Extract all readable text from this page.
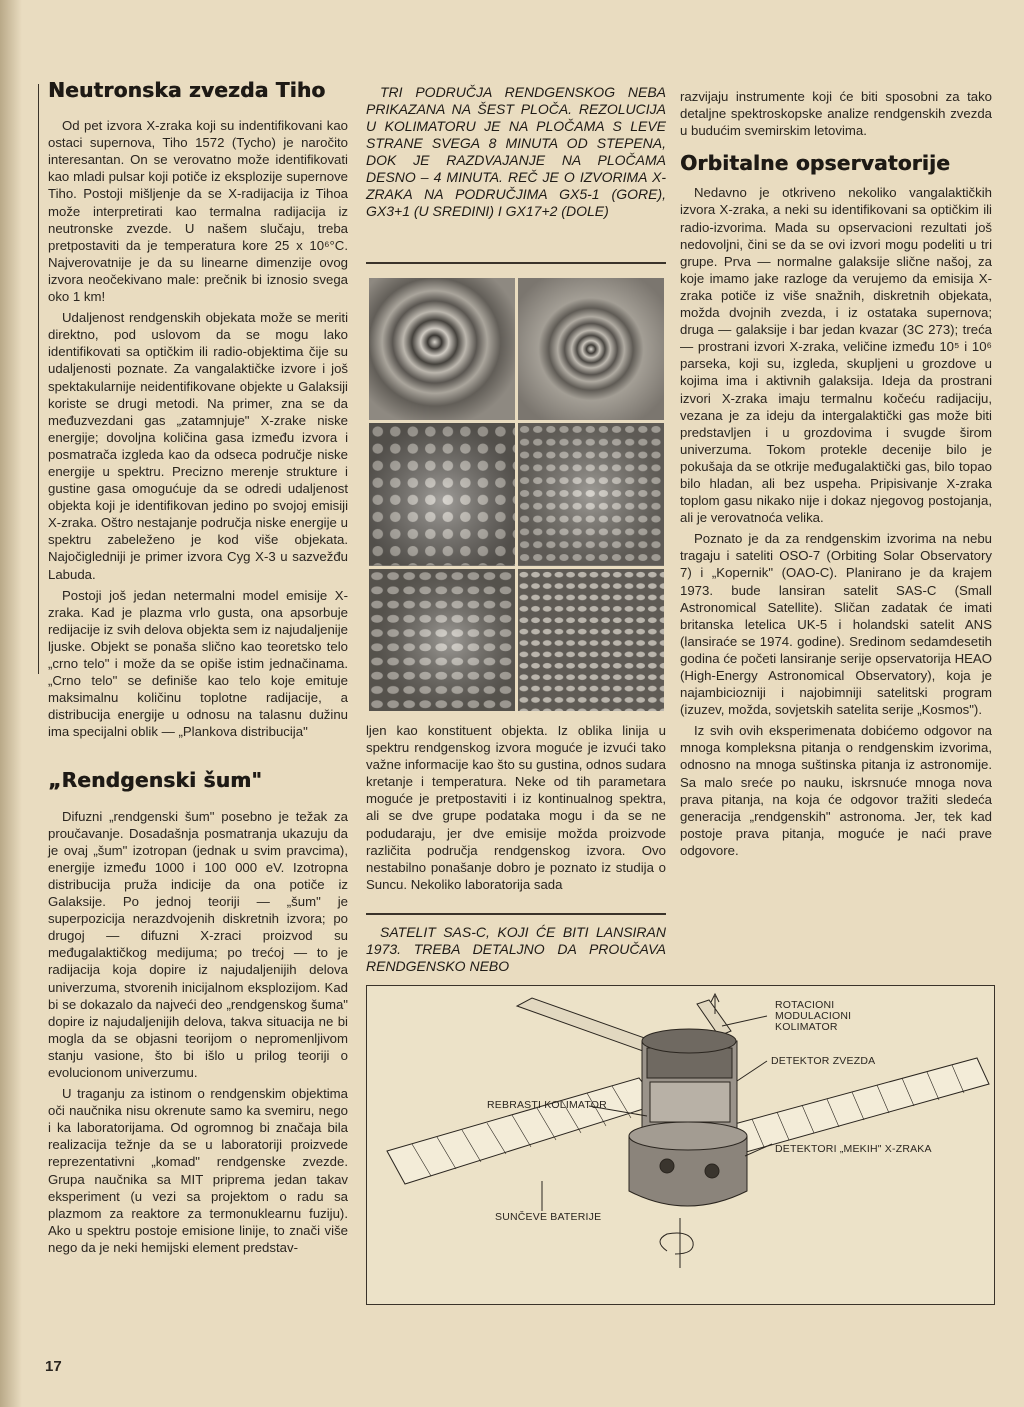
Neutronska zvezda Tiho

Od pet izvora X-zraka koji su indentifikovani kao ostaci supernova, Tiho 1572 (Tycho) je naročito interesantan. On se verovatno može identifikovati kao mladi pulsar koji potiče iz eksplozije supernove Tiho. Postoji mišljenje da se X-radijacija iz Tihoa može interpretirati kao termalna radijacija iz neutronske zvezde. U našem slučaju, treba pretpostaviti da je temperatura kore 25 x 10⁶°C. Najverovatnije je da su linearne dimenzije ovog izvora neočekivano male: prečnik bi iznosio svega oko 1 km!

Udaljenost rendgenskih objekata može se meriti direktno, pod uslovom da se mogu lako identifikovati sa optičkim ili radio-objektima čije su udaljenosti poznate. Za vangalaktičke izvore i još spektakularnije neidentifikovane objekte u Galaksiji koriste se drugi metodi. Na primer, zna se da međuzvezdani gas „zatamnjuje" X-zrake niske energije; dovoljna količina gasa između izvora i posmatrača izgleda kao da odseca područje niske energije u spektru. Precizno merenje strukture i gustine gasa omogućuje da se odredi udaljenost objekta koji je identifikovan jedino po svojoj emisiji X-zraka. Oštro nestajanje područja niske energije u spektru zabeleženo je kod više objekata. Najočigledniji je primer izvora Cyg X-3 u sazvežđu Labuda.

Postoji još jedan netermalni model emisije X-zraka. Kad je plazma vrlo gusta, ona apsorbuje redijacije iz svih delova objekta sem iz najudaljenije ljuske. Objekt se ponaša slično kao teoretsko telo „crno telo" i može da se opiše istim jednačinama. „Crno telo" se definiše kao telo koje emituje maksimalnu količinu toplotne radijacije, a distribucija energije u odnosu na talasnu dužinu ima specijalni oblik — „Plankova distribucija"

„Rendgenski šum"

Difuzni „rendgenski šum" posebno je težak za proučavanje. Dosadašnja posmatranja ukazuju da je ovaj „šum" izotropan (jednak u svim pravcima), energije između 1000 i 100 000 eV. Izotropna distribucija pruža indicije da ona potiče iz Galaksije. Po jednoj teoriji — „šum" je superpozicija nerazdvojenih diskretnih izvora; po drugoj — difuzni X-zraci proizvod su međugalaktičkog medijuma; po trećoj — to je radijacija koja dopire iz najudaljenijih delova univerzuma, stvorenih inicijalnom eksplozijom. Kad bi se dokazalo da najveći deo „rendgenskog šuma" dopire iz najudaljenijih delova, takva situacija ne bi mogla da se objasni teorijom o nepromenljivom stanju vasione, što bi išlo u prilog teoriji o evolucionom univerzumu.

U traganju za istinom o rendgenskim objektima oči naučnika nisu okrenute samo ka svemiru, nego i ka laboratorijama. Od ogromnog bi značaja bila realizacija težnje da se u laboratoriji proizvede reprezentativni „komad" rendgenske zvezde. Grupa naučnika sa MIT priprema jedan takav eksperiment (u vezi sa projektom o radu sa plazmom za reaktore za termonuklearnu fuziju). Ako u spektru postoje emisione linije, to znači više nego da je neki hemijski element predstav-

TRI PODRUČJA RENDGENSKOG NEBA PRIKAZANA NA ŠEST PLOČA. REZOLUCIJA U KOLIMATORU JE NA PLOČAMA S LEVE STRANE SVEGA 8 MINUTA OD STEPENA, DOK JE RAZDVAJANJE NA PLOČAMA DESNO – 4 MINUTA. REČ JE O IZVORIMA X-ZRAKA NA PODRUČJIMA GX5-1 (GORE), GX3+1 (U SREDINI) I GX17+2 (DOLE)

ljen kao konstituent objekta. Iz oblika linija u spektru rendgenskog izvora moguće je izvući tako važne informacije kao što su gustina, odnos sudara kretanje i temperatura. Neke od tih parametara moguće je pretpostaviti i iz kontinualnog spektra, ali se dve grupe podataka mogu i da se ne podudaraju, jer dve emisije možda proizvode različita područja rendgenskog izvora. Ovo nestabilno ponašanje dobro je poznato iz studija o Suncu. Nekoliko laboratorija sada

SATELIT SAS-C, KOJI ĆE BITI LANSIRAN 1973. TREBA DETALJNO DA PROUČAVA RENDGENSKO NEBO

razvijaju instrumente koji će biti sposobni za tako detaljne spektroskopske analize rendgenskih zvezda u budućim svemirskim letovima.

Orbitalne opservatorije

Nedavno je otkriveno nekoliko vangalaktičkih izvora X-zraka, a neki su identifikovani sa optičkim ili radio-izvorima. Mada su opservacioni rezultati još nedovoljni, čini se da se ovi izvori mogu podeliti u tri grupe. Prva — normalne galaksije slične našoj, za koje imamo jake razloge da verujemo da emisija X-zraka potiče iz više snažnih, diskretnih objekata, možda dvojnih zvezda, i iz ostataka supernova; druga — galaksije i bar jedan kvazar (3C 273); treća — prostrani izvori X-zraka, veličine između 10⁵ i 10⁶ parseka, koji su, izgleda, skupljeni u grozdove u kojima ima i aktivnih galaksija. Ideja da prostrani izvori X-zraka imaju termalnu kočeću radijaciju, vezana je za ideju da intergalaktički gas može biti predstavljen i u grozdovima i svugde širom univerzuma. Tokom protekle decenije bilo je pokušaja da se otkrije međugalaktički gas, bilo topao bilo hladan, ali bez uspeha. Pripisivanje X-zraka toplom gasu nikako nije i dokaz njegovog postojanja, ali je verovatnoća velika.

Poznato je da za rendgenskim izvorima na nebu tragaju i sateliti OSO-7 (Orbiting Solar Observatory 7) i „Kopernik" (OAO-C). Planirano je da krajem 1973. bude lansiran satelit SAS-C (Small Astronomical Satellite). Sličan zadatak će imati britanska letelica UK-5 i holandski satelit ANS (lansiraće se 1974. godine). Sredinom sedamdesetih godina će početi lansiranje serije opservatorija HEAO (High-Energy Astronomical Observatory), koja je najambiciozniji i najobimniji satelitski program (izuzev, možda, sovjetskih satelita serije „Kosmos").

Iz svih ovih eksperimenata dobićemo odgovor na mnoga kompleksna pitanja o rendgenskim izvorima, odnosno na mnoga suštinska pitanja iz astronomije. Sa malo sreće po nauku, iskrsnuće mnoga nova prava pitanja, na koja će odgovor tražiti sledeća generacija „rendgenskih" astronoma. Jer, tek kad postoje prava pitanja, moguće je naći prave odgovore.

ROTACIONI
MODULACIONI
KOLIMATOR
DETEKTOR ZVEZDA
REBRASTI KOLIMATOR
DETEKTORI „MEKIH" X-ZRAKA
SUNČEVE BATERIJE
17
